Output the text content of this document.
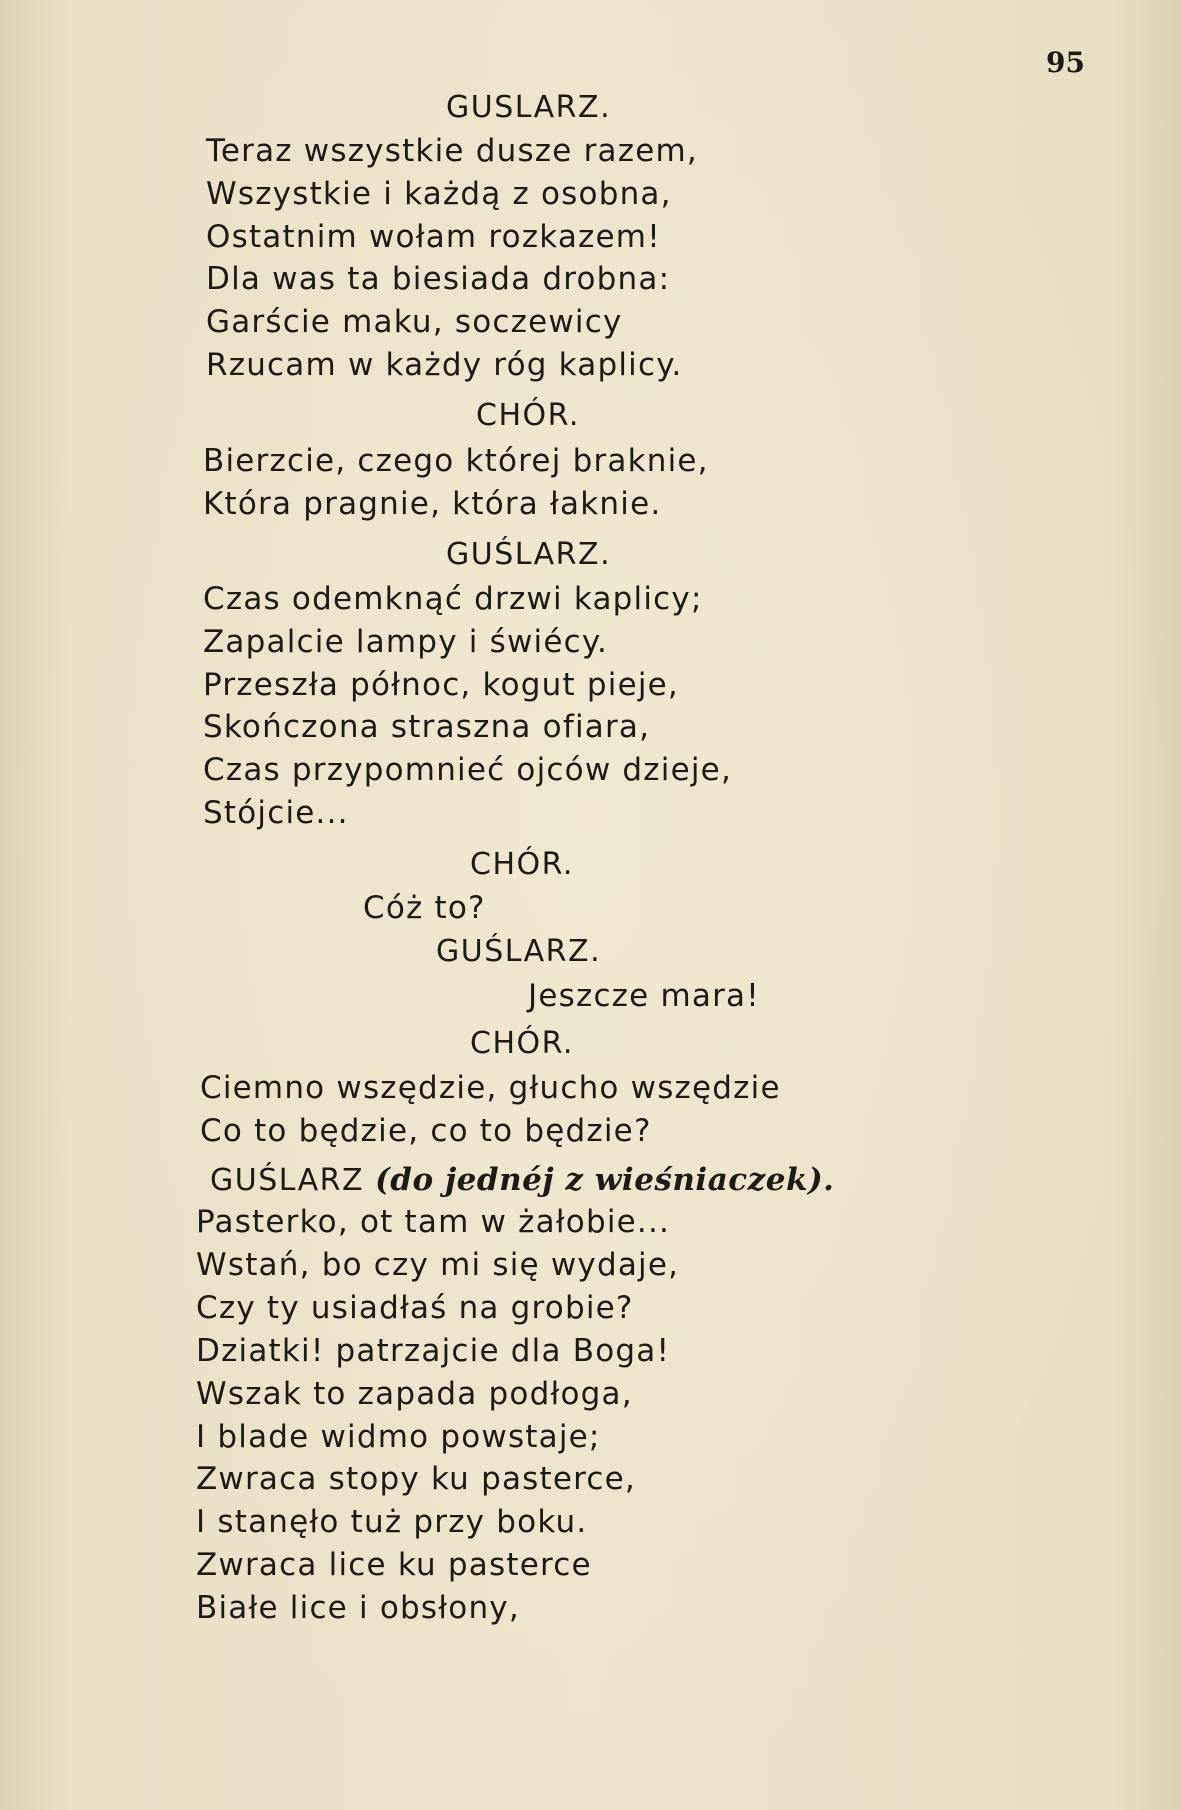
95
GUSLARZ.
Teraz wszystkie dusze razem,
Wszystkie i każdą z osobna,
Ostatnim wołam rozkazem!
Dla was ta biesiada drobna:
Garście maku, soczewicy
Rzucam w każdy róg kaplicy.
CHÓR.
Bierzcie, czego której braknie,
Która pragnie, która łaknie.
GUŚLARZ.
Czas odemknąć drzwi kaplicy;
Zapalcie lampy i świécy.
Przeszła północ, kogut pieje,
Skończona straszna ofiara,
Czas przypomnieć ojców dzieje,
Stójcie...
CHÓR.
Cóż to?
GUŚLARZ.
Jeszcze mara!
CHÓR.
Ciemno wszędzie, głucho wszędzie
Co to będzie, co to będzie?
GUŚLARZ (do jednéj z wieśniaczek).
Pasterko, ot tam w żałobie...
Wstań, bo czy mi się wydaje,
Czy ty usiadłaś na grobie?
Dziatki! patrzajcie dla Boga!
Wszak to zapada podłoga,
I blade widmo powstaje;
Zwraca stopy ku pasterce,
I stanęło tuż przy boku.
Zwraca lice ku pasterce
Białe lice i obsłony,
